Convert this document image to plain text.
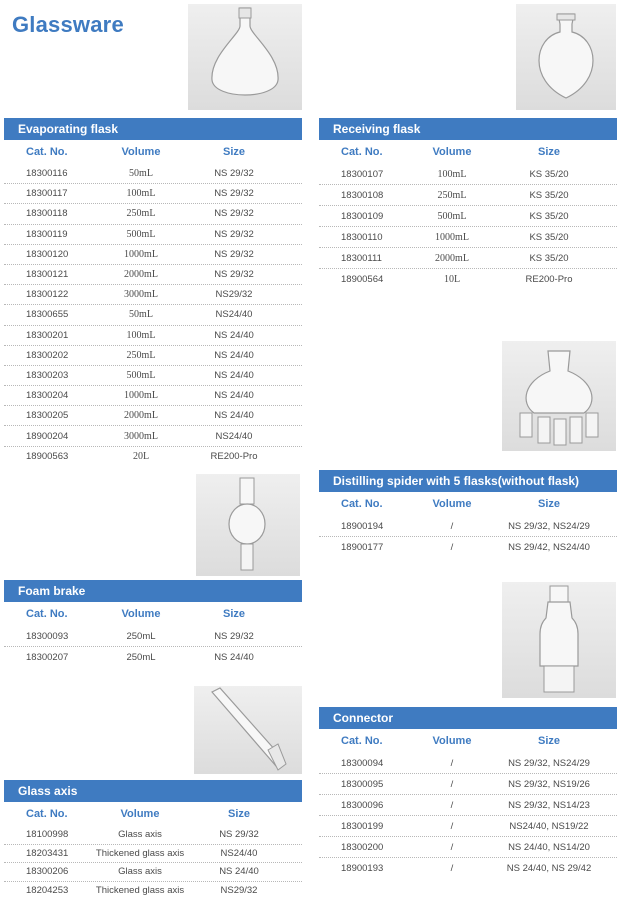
Glassware
Evaporating flask
Cat. No.	Volume	Size
18300116	50mL	NS 29/32
18300117	100mL	NS 29/32
18300118	250mL	NS 29/32
18300119	500mL	NS 29/32
18300120	1000mL	NS 29/32
18300121	2000mL	NS 29/32
18300122	3000mL	NS29/32
18300655	50mL	NS24/40
18300201	100mL	NS 24/40
18300202	250mL	NS 24/40
18300203	500mL	NS 24/40
18300204	1000mL	NS 24/40
18300205	2000mL	NS 24/40
18900204	3000mL	NS24/40
18900563	20L	RE200-Pro
Receiving flask
Cat. No.	Volume	Size
18300107	100mL	KS 35/20
18300108	250mL	KS 35/20
18300109	500mL	KS 35/20
18300110	1000mL	KS 35/20
18300111	2000mL	KS 35/20
18900564	10L	RE200-Pro
Distilling spider with 5 flasks(without flask)
Cat. No.	Volume	Size
18900194	/	NS 29/32, NS24/29
18900177	/	NS 29/42, NS24/40
Foam brake
Cat. No.	Volume	Size
18300093	250mL	NS 29/32
18300207	250mL	NS 24/40
Connector
Cat. No.	Volume	Size
18300094	/	NS 29/32, NS24/29
18300095	/	NS 29/32, NS19/26
18300096	/	NS 29/32, NS14/23
18300199	/	NS24/40, NS19/22
18300200	/	NS 24/40, NS14/20
18900193	/	NS 24/40, NS 29/42
Glass axis
Cat. No.	Volume	Size
18100998	Glass axis	NS 29/32
18203431	Thickened glass axis	NS24/40
18300206	Glass axis	NS 24/40
18204253	Thickened glass axis	NS29/32
